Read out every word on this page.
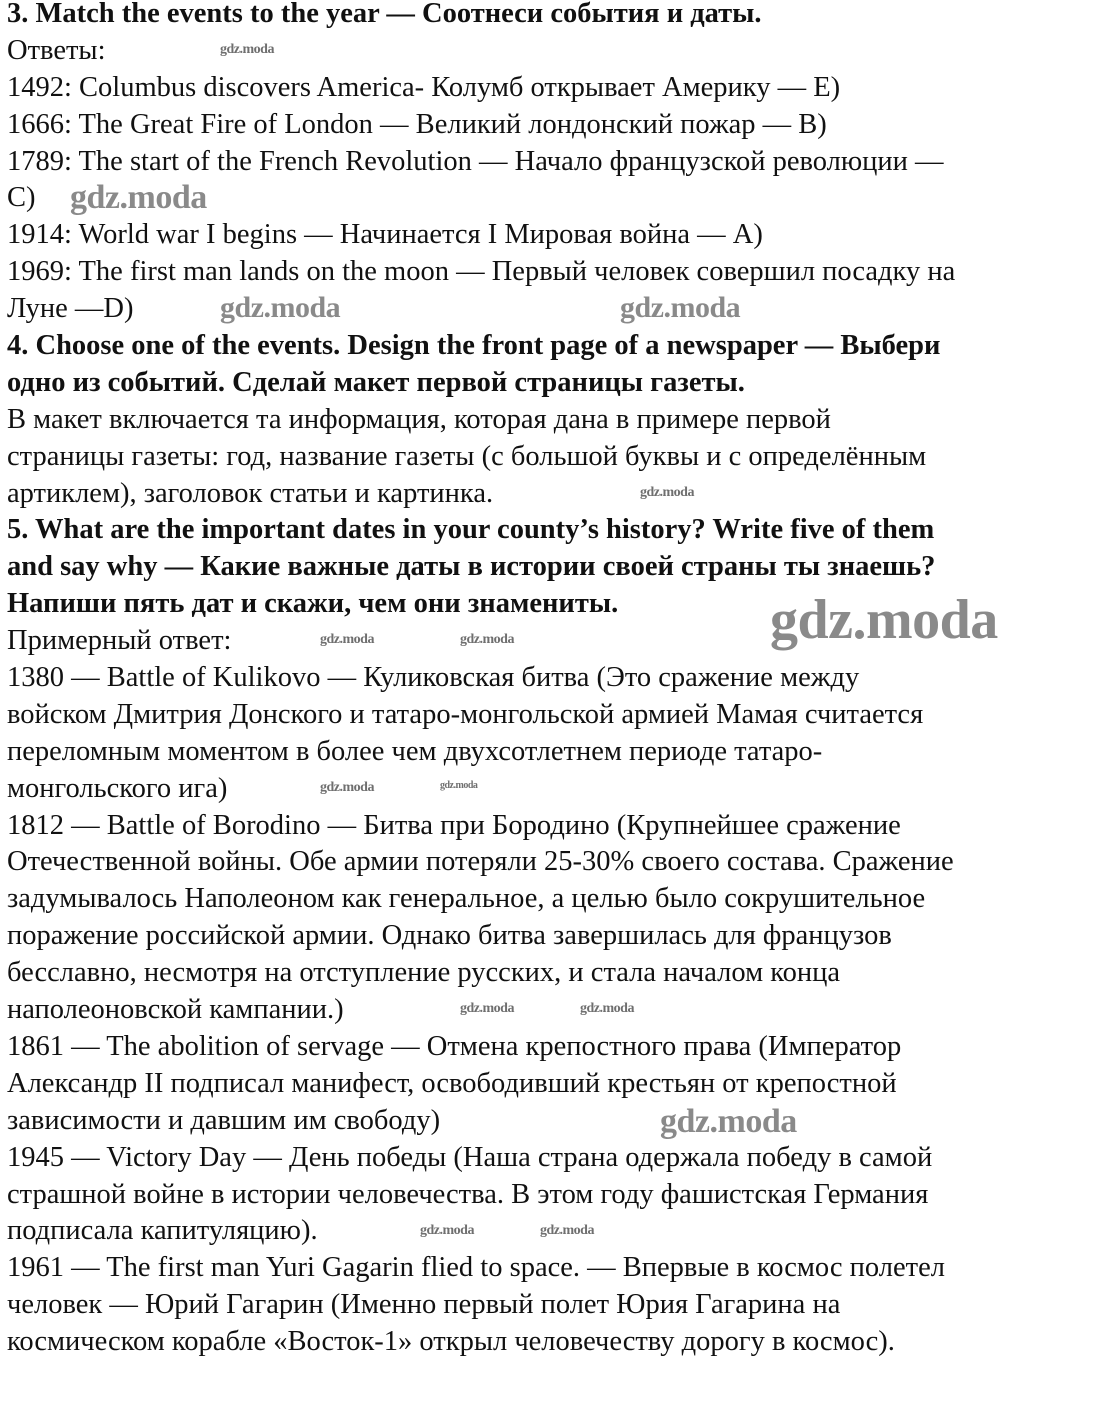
3. Match the events to the year — Соотнеси события и даты.
Ответы:
1492: Columbus discovers America- Колумб открывает Америку — E)
1666: The Great Fire of London — Великий лондонский пожар — B)
1789: The start of the French Revolution — Начало французской революции —
C)
1914: World war I begins — Начинается I Мировая война — A)
1969: The first man lands on the moon — Первый человек совершил посадку на
Луне —D)
4. Choose one of the events. Design the front page of a newspaper — Выбери
одно из событий. Сделай макет первой страницы газеты.
В макет включается та информация, которая дана в примере первой
страницы газеты: год, название газеты (с большой буквы и с определённым
артиклем), заголовок статьи и картинка.
5. What are the important dates in your county’s history? Write five of them
and say why — Какие важные даты в истории своей страны ты знаешь?
Напиши пять дат и скажи, чем они знамениты.
Примерный ответ:
1380 — Battle of Kulikovo — Куликовская битва (Это сражение между
войском Дмитрия Донского и татаро-монгольской армией Мамая считается
переломным моментом в более чем двухсотлетнем периоде татаро-
монгольского ига)
1812 — Battle of Borodino — Битва при Бородино (Крупнейшее сражение
Отечественной войны. Обе армии потеряли 25-30% своего состава. Сражение
задумывалось Наполеоном как генеральное, а целью было сокрушительное
поражение российской армии. Однако битва завершилась для французов
бесславно, несмотря на отступление русских, и стала началом конца
наполеоновской кампании.)
1861 — The abolition of servage — Отмена крепостного права (Император
Александр II подписал манифест, освободивший крестьян от крепостной
зависимости и давшим им свободу)
1945 — Victory Day — День победы (Наша страна одержала победу в самой
страшной войне в истории человечества. В этом году фашистская Германия
подписала капитуляцию).
1961 — The first man Yuri Gagarin flied to space. — Впервые в космос полетел
человек — Юрий Гагарин (Именно первый полет Юрия Гагарина на
космическом корабле «Восток-1» открыл человечеству дорогу в космос).
gdz.moda
gdz.moda	gdz.moda
gdz.moda
gdz.moda
gdz.moda
gdz.moda
gdz.moda	gdz.moda
gdz.moda	gdz.moda
gdz.moda	gdz.moda
gdz.moda	gdz.moda
